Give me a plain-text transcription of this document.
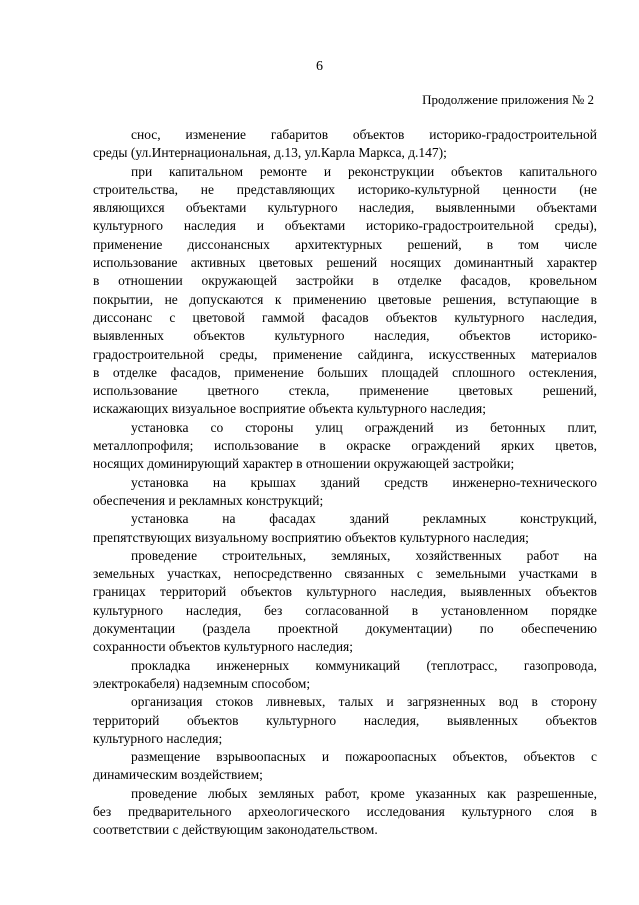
6
Продолжение приложения № 2
снос, изменение габаритов объектов историко-градостроительной
среды (ул.Интернациональная, д.13, ул.Карла Маркса, д.147);
при капитальном ремонте и реконструкции объектов капитального
строительства, не представляющих историко-культурной ценности (не
являющихся объектами культурного наследия, выявленными объектами
культурного наследия и объектами историко-градостроительной среды),
применение диссонансных архитектурных решений, в том числе
использование активных цветовых решений носящих доминантный характер
в отношении окружающей застройки в отделке фасадов, кровельном
покрытии, не допускаются к применению цветовые решения, вступающие в
диссонанс с цветовой гаммой фасадов объектов культурного наследия,
выявленных объектов культурного наследия, объектов историко-
градостроительной среды, применение сайдинга, искусственных материалов
в отделке фасадов, применение больших площадей сплошного остекления,
использование цветного стекла, применение цветовых решений,
искажающих визуальное восприятие объекта культурного наследия;
установка со стороны улиц ограждений из бетонных плит,
металлопрофиля; использование в окраске ограждений ярких цветов,
носящих доминирующий характер в отношении окружающей застройки;
установка на крышах зданий средств инженерно-технического
обеспечения и рекламных конструкций;
установка на фасадах зданий рекламных конструкций,
препятствующих визуальному восприятию объектов культурного наследия;
проведение строительных, земляных, хозяйственных работ на
земельных участках, непосредственно связанных с земельными участками в
границах территорий объектов культурного наследия, выявленных объектов
культурного наследия, без согласованной в установленном порядке
документации (раздела проектной документации) по обеспечению
сохранности объектов культурного наследия;
прокладка инженерных коммуникаций (теплотрасс, газопровода,
электрокабеля) надземным способом;
организация стоков ливневых, талых и загрязненных вод в сторону
территорий объектов культурного наследия, выявленных объектов
культурного наследия;
размещение взрывоопасных и пожароопасных объектов, объектов с
динамическим воздействием;
проведение любых земляных работ, кроме указанных как разрешенные,
без предварительного археологического исследования культурного слоя в
соответствии с действующим законодательством.
